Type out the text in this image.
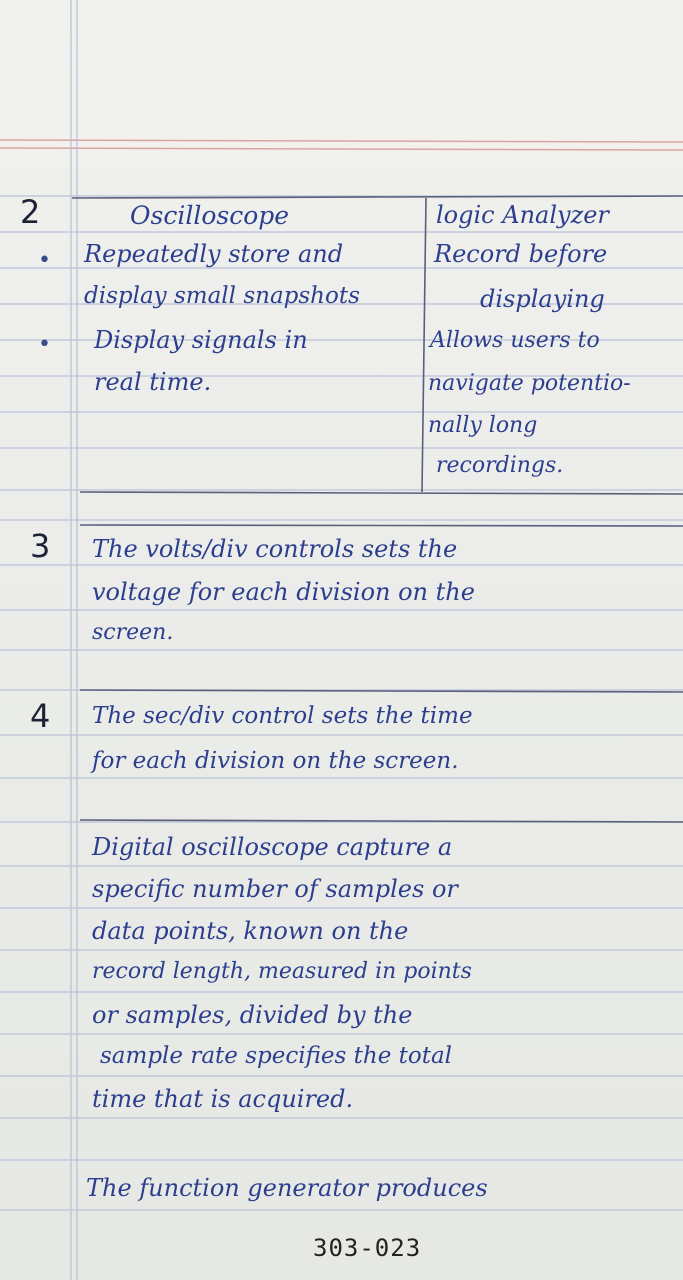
2	Oscilloscope	logic Analyzer
•
•
Repeatedly store and
display small snapshots
Display signals in
real time.
Record before
displaying
Allows users to
navigate potentio-
nally long
recordings.
3 The volts/div controls sets the
voltage for each division on the
screen.
4 The sec/div control sets the time
for each division on the screen.
Digital oscilloscope capture a
specific number of samples or
data points, known on the
record length, measured in points
or samples, divided by the
sample rate specifies the total
time that is acquired.
The function generator produces
303-023
